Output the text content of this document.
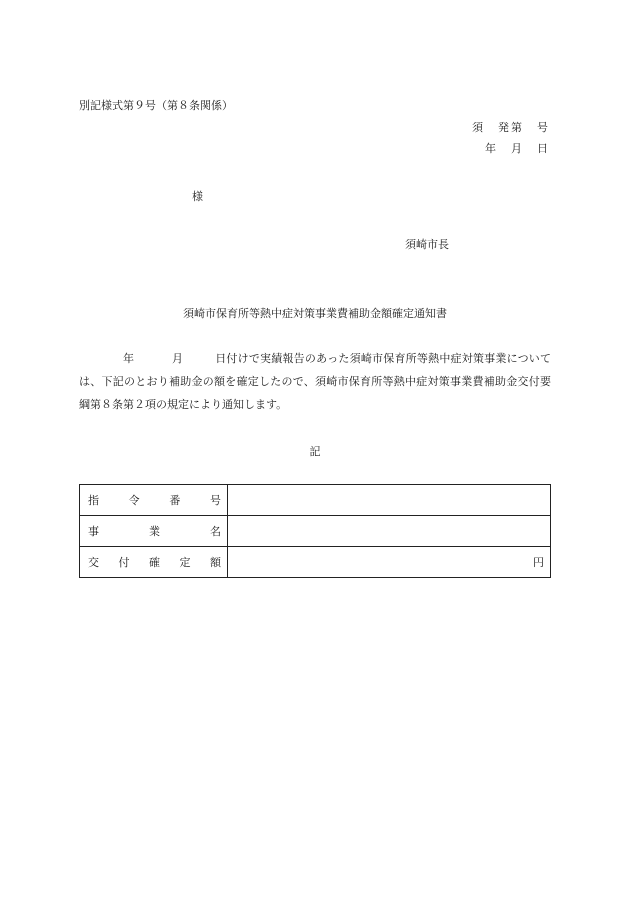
別記様式第９号（第８条関係）
須　発第　号
年　月　日
様
須崎市長
須崎市保育所等熱中症対策事業費補助金額確定通知書
年	月	日付けで実績報告のあった須崎市保育所等熱中症対策事業については、下記のとおり補助金の額を確定したので、須崎市保育所等熱中症対策事業費補助金交付要綱第８条第２項の規定により通知します。
記
指 令 番 号	

事 業 名	

交 付 確 定 額	円
